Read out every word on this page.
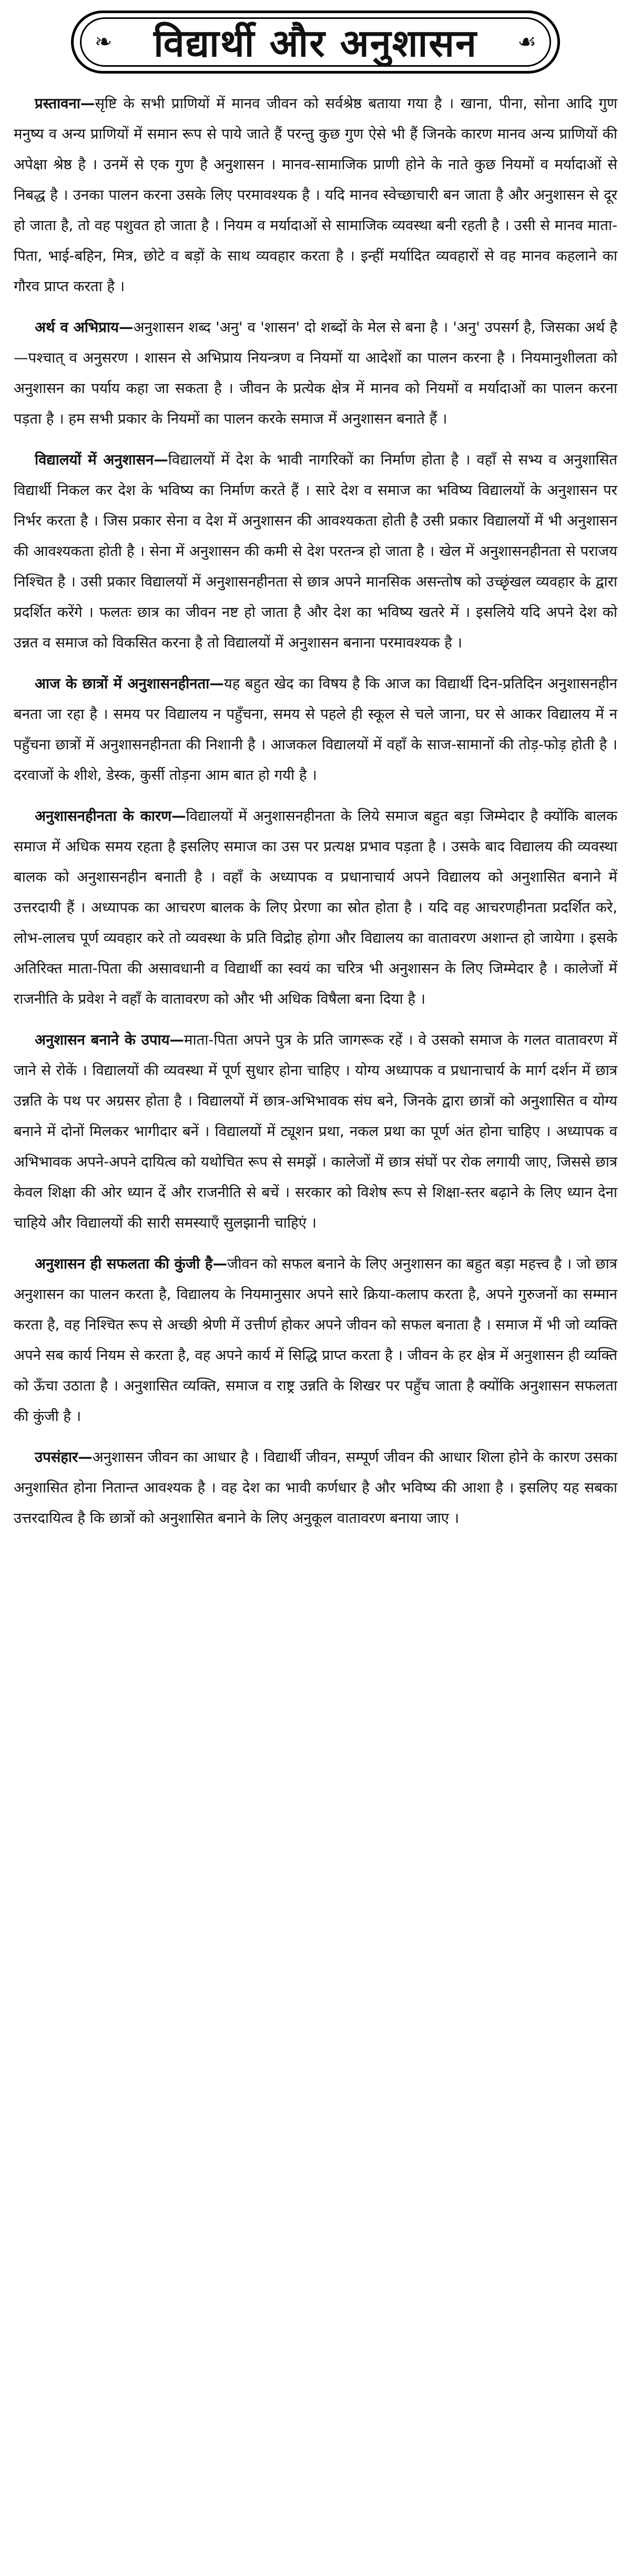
❧ विद्यार्थी और अनुशासन ☙

प्रस्तावना—सृष्टि के सभी प्राणियों में मानव जीवन को सर्वश्रेष्ठ बताया गया है । खाना, पीना, सोना आदि गुण मनुष्य व अन्य प्राणियों में समान रूप से पाये जाते हैं परन्तु कुछ गुण ऐसे भी हैं जिनके कारण मानव अन्य प्राणियों की अपेक्षा श्रेष्ठ है । उनमें से एक गुण है अनुशासन । मानव-सामाजिक प्राणी होने के नाते कुछ नियमों व मर्यादाओं से निबद्ध है । उनका पालन करना उसके लिए परमावश्यक है । यदि मानव स्वेच्छाचारी बन जाता है और अनुशासन से दूर हो जाता है, तो वह पशुवत हो जाता है । नियम व मर्यादाओं से सामाजिक व्यवस्था बनी रहती है । उसी से मानव माता-पिता, भाई-बहिन, मित्र, छोटे व बड़ों के साथ व्यवहार करता है । इन्हीं मर्यादित व्यवहारों से वह मानव कहलाने का गौरव प्राप्त करता है ।

अर्थ व अभिप्राय—अनुशासन शब्द 'अनु' व 'शासन' दो शब्दों के मेल से बना है । 'अनु' उपसर्ग है, जिसका अर्थ है—पश्चात् व अनुसरण । शासन से अभिप्राय नियन्त्रण व नियमों या आदेशों का पालन करना है । नियमानुशीलता को अनुशासन का पर्याय कहा जा सकता है । जीवन के प्रत्येक क्षेत्र में मानव को नियमों व मर्यादाओं का पालन करना पड़ता है । हम सभी प्रकार के नियमों का पालन करके समाज में अनुशासन बनाते हैं ।

विद्यालयों में अनुशासन—विद्यालयों में देश के भावी नागरिकों का निर्माण होता है । वहाँ से सभ्य व अनुशासित विद्यार्थी निकल कर देश के भविष्य का निर्माण करते हैं । सारे देश व समाज का भविष्य विद्यालयों के अनुशासन पर निर्भर करता है । जिस प्रकार सेना व देश में अनुशासन की आवश्यकता होती है उसी प्रकार विद्यालयों में भी अनुशासन की आवश्यकता होती है । सेना में अनुशासन की कमी से देश परतन्त्र हो जाता है । खेल में अनुशासनहीनता से पराजय निश्चित है । उसी प्रकार विद्यालयों में अनुशासनहीनता से छात्र अपने मानसिक असन्तोष को उच्छृंखल व्यवहार के द्वारा प्रदर्शित करेंगे । फलतः छात्र का जीवन नष्ट हो जाता है और देश का भविष्य खतरे में । इसलिये यदि अपने देश को उन्नत व समाज को विकसित करना है तो विद्यालयों में अनुशासन बनाना परमावश्यक है ।

आज के छात्रों में अनुशासनहीनता—यह बहुत खेद का विषय है कि आज का विद्यार्थी दिन-प्रतिदिन अनुशासनहीन बनता जा रहा है । समय पर विद्यालय न पहुँचना, समय से पहले ही स्कूल से चले जाना, घर से आकर विद्यालय में न पहुँचना छात्रों में अनुशासनहीनता की निशानी है । आजकल विद्यालयों में वहाँ के साज-सामानों की तोड़-फोड़ होती है । दरवाजों के शीशे, डेस्क, कुर्सी तोड़ना आम बात हो गयी है ।

अनुशासनहीनता के कारण—विद्यालयों में अनुशासनहीनता के लिये समाज बहुत बड़ा जिम्मेदार है क्योंकि बालक समाज में अधिक समय रहता है इसलिए समाज का उस पर प्रत्यक्ष प्रभाव पड़ता है । उसके बाद विद्यालय की व्यवस्था बालक को अनुशासनहीन बनाती है । वहाँ के अध्यापक व प्रधानाचार्य अपने विद्यालय को अनुशासित बनाने में उत्तरदायी हैं । अध्यापक का आचरण बालक के लिए प्रेरणा का स्रोत होता है । यदि वह आचरणहीनता प्रदर्शित करे, लोभ-लालच पूर्ण व्यवहार करे तो व्यवस्था के प्रति विद्रोह होगा और विद्यालय का वातावरण अशान्त हो जायेगा । इसके अतिरिक्त माता-पिता की असावधानी व विद्यार्थी का स्वयं का चरित्र भी अनुशासन के लिए जिम्मेदार है । कालेजों में राजनीति के प्रवेश ने वहाँ के वातावरण को और भी अधिक विषैला बना दिया है ।

अनुशासन बनाने के उपाय—माता-पिता अपने पुत्र के प्रति जागरूक रहें । वे उसको समाज के गलत वातावरण में जाने से रोकें । विद्यालयों की व्यवस्था में पूर्ण सुधार होना चाहिए । योग्य अध्यापक व प्रधानाचार्य के मार्ग दर्शन में छात्र उन्नति के पथ पर अग्रसर होता है । विद्यालयों में छात्र-अभिभावक संघ बने, जिनके द्वारा छात्रों को अनुशासित व योग्य बनाने में दोनों मिलकर भागीदार बनें । विद्यालयों में ट्यूशन प्रथा, नकल प्रथा का पूर्ण अंत होना चाहिए । अध्यापक व अभिभावक अपने-अपने दायित्व को यथोचित रूप से समझें । कालेजों में छात्र संघों पर रोक लगायी जाए, जिससे छात्र केवल शिक्षा की ओर ध्यान दें और राजनीति से बचें । सरकार को विशेष रूप से शिक्षा-स्तर बढ़ाने के लिए ध्यान देना चाहिये और विद्यालयों की सारी समस्याएँ सुलझानी चाहिएं ।

अनुशासन ही सफलता की कुंजी है—जीवन को सफल बनाने के लिए अनुशासन का बहुत बड़ा महत्त्व है । जो छात्र अनुशासन का पालन करता है, विद्यालय के नियमानुसार अपने सारे क्रिया-कलाप करता है, अपने गुरुजनों का सम्मान करता है, वह निश्चित रूप से अच्छी श्रेणी में उत्तीर्ण होकर अपने जीवन को सफल बनाता है । समाज में भी जो व्यक्ति अपने सब कार्य नियम से करता है, वह अपने कार्य में सिद्धि प्राप्त करता है । जीवन के हर क्षेत्र में अनुशासन ही व्यक्ति को ऊँचा उठाता है । अनुशासित व्यक्ति, समाज व राष्ट्र उन्नति के शिखर पर पहुँच जाता है क्योंकि अनुशासन सफलता की कुंजी है ।

उपसंहार—अनुशासन जीवन का आधार है । विद्यार्थी जीवन, सम्पूर्ण जीवन की आधार शिला होने के कारण उसका अनुशासित होना नितान्त आवश्यक है । वह देश का भावी कर्णधार है और भविष्य की आशा है । इसलिए यह सबका उत्तरदायित्व है कि छात्रों को अनुशासित बनाने के लिए अनुकूल वातावरण बनाया जाए ।
